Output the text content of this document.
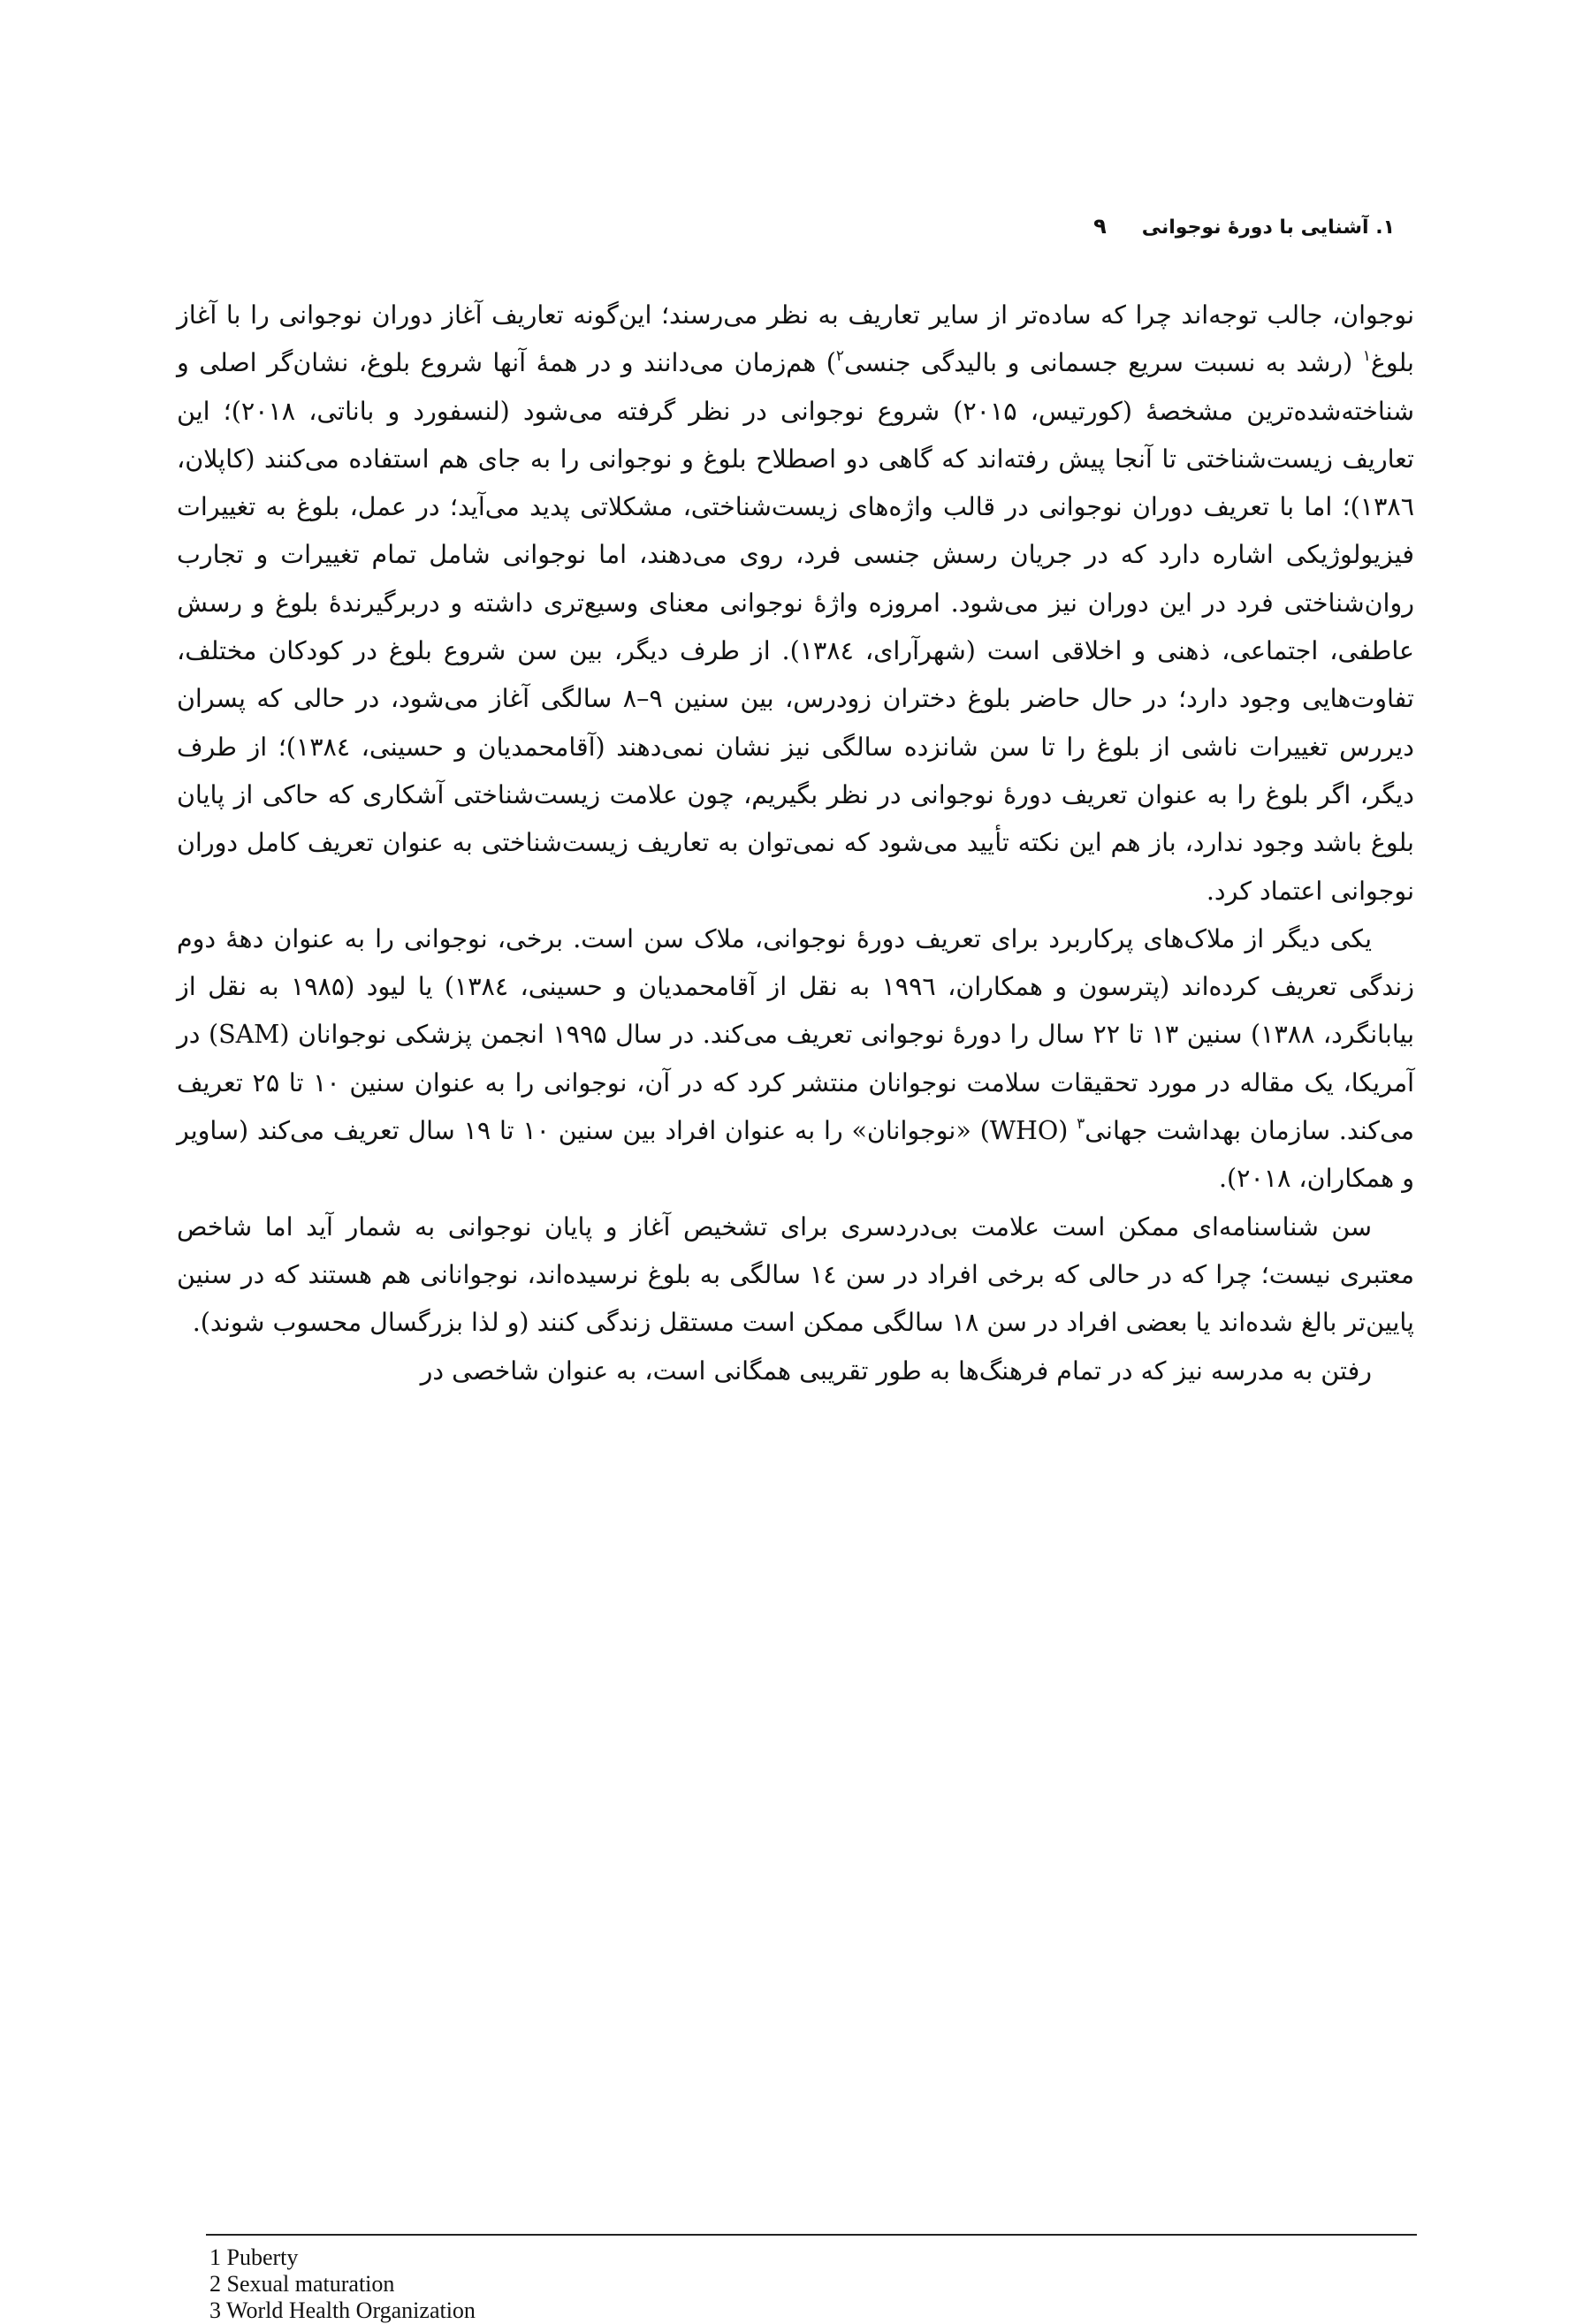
۱. آشنایی با دورۀ نوجوانی
۹

نوجوان، جالب توجه‌اند چرا که ساده‌تر از سایر تعاریف به نظر می‌رسند؛ این‌گونه تعاریف آغاز دوران نوجوانی را با آغاز بلوغ$^۱$ (رشد به نسبت سریع جسمانی و بالیدگی جنسی$^۲$) هم‌زمان می‌دانند و در همۀ آنها شروع بلوغ، نشان‌گر اصلی و شناخته‌شده‌ترین مشخصۀ (کورتیس، ۲۰۱۵) شروع نوجوانی در نظر گرفته می‌شود (لنسفورد و باناتی، ۲۰۱۸)؛ این تعاریف زیست‌شناختی تا آنجا پیش رفته‌اند که گاهی دو اصطلاح بلوغ و نوجوانی را به جای هم استفاده می‌کنند (کاپلان، ۱۳۸٦)؛ اما با تعریف دوران نوجوانی در قالب واژه‌های زیست‌شناختی، مشکلاتی پدید می‌آید؛ در عمل، بلوغ به تغییرات فیزیولوژیکی اشاره دارد که در جریان رسش جنسی فرد، روی می‌دهند، اما نوجوانی شامل تمام تغییرات و تجارب روان‌شناختی فرد در این دوران نیز می‌شود. امروزه واژۀ نوجوانی معنای وسیع‌تری داشته و دربرگیرندۀ بلوغ و رسش عاطفی، اجتماعی، ذهنی و اخلاقی است (شهرآرای، ۱۳۸٤). از طرف دیگر، بین سن شروع بلوغ در کودکان مختلف، تفاوت‌هایی وجود دارد؛ در حال حاضر بلوغ دختران زودرس، بین سنین ۹–۸ سالگی آغاز می‌شود، در حالی که پسران دیررس تغییرات ناشی از بلوغ را تا سن شانزده سالگی نیز نشان نمی‌دهند (آقامحمدیان و حسینی، ۱۳۸٤)؛ از طرف دیگر، اگر بلوغ را به عنوان تعریف دورۀ نوجوانی در نظر بگیریم، چون علامت زیست‌شناختی آشکاری که حاکی از پایان بلوغ باشد وجود ندارد، باز هم این نکته تأیید می‌شود که نمی‌توان به تعاریف زیست‌شناختی به عنوان تعریف کامل دوران نوجوانی اعتماد کرد.

یکی دیگر از ملاک‌های پرکاربرد برای تعریف دورۀ نوجوانی، ملاک سن است. برخی، نوجوانی را به عنوان دهۀ دوم زندگی تعریف کرده‌اند (پترسون و همکاران، ۱۹۹٦ به نقل از آقامحمدیان و حسینی، ۱۳۸٤) یا لیود (۱۹۸۵ به نقل از بیابانگرد، ۱۳۸۸) سنین ۱۳ تا ۲۲ سال را دورۀ نوجوانی تعریف می‌کند. در سال ۱۹۹۵ انجمن پزشکی نوجوانان (SAM) در آمریکا، یک مقاله در مورد تحقیقات سلامت نوجوانان منتشر کرد که در آن، نوجوانی را به عنوان سنین ۱۰ تا ۲۵ تعریف می‌کند. سازمان بهداشت جهانی$^۳$ (WHO) «نوجوانان» را به عنوان افراد بین سنین ۱۰ تا ۱۹ سال تعریف می‌کند (ساویر و همکاران، ۲۰۱۸).

سن شناسنامه‌ای ممکن است علامت بی‌دردسری برای تشخیص آغاز و پایان نوجوانی به شمار آید اما شاخص معتبری نیست؛ چرا که در حالی که برخی افراد در سن ١٤ سالگی به بلوغ نرسیده‌اند، نوجوانانی هم هستند که در سنین پایین‌تر بالغ شده‌اند یا بعضی افراد در سن ۱۸ سالگی ممکن است مستقل زندگی کنند (و لذا بزرگسال محسوب شوند).

رفتن به مدرسه نیز که در تمام فرهنگ‌ها به طور تقریبی همگانی است، به عنوان شاخصی در

1 Puberty
2 Sexual maturation
3 World Health Organization
